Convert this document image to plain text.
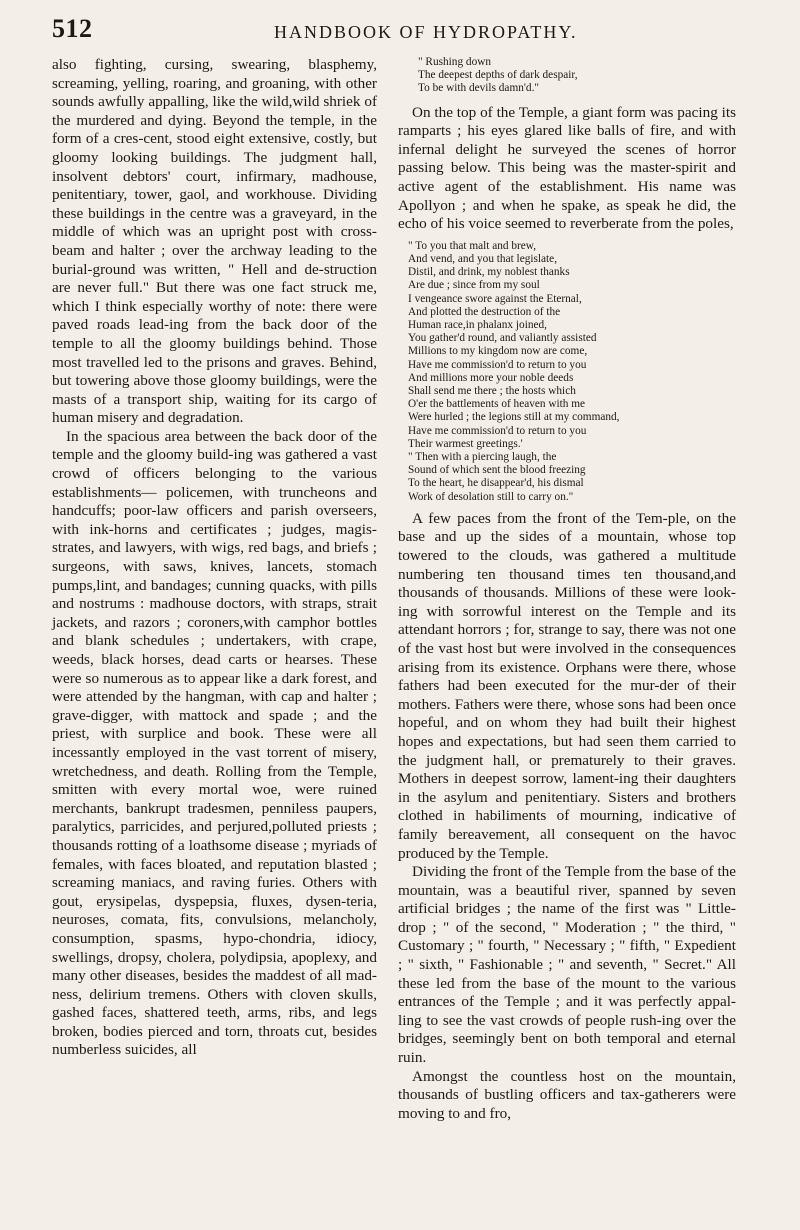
512	HANDBOOK OF HYDROPATHY.

also fighting, cursing, swearing, blasphemy, screaming, yelling, roaring, and groaning, with other sounds awfully appalling, like the wild,wild shriek of the murdered and dying. Beyond the temple, in the form of a cres-cent, stood eight extensive, costly, but gloomy looking buildings. The judgment hall, insolvent debtors' court, infirmary, madhouse, penitentiary, tower, gaol, and workhouse. Dividing these buildings in the centre was a graveyard, in the middle of which was an upright post with cross-beam and halter ; over the archway leading to the burial-ground was written, " Hell and de-struction are never full." But there was one fact struck me, which I think especially worthy of note: there were paved roads lead-ing from the back door of the temple to all the gloomy buildings behind. Those most travelled led to the prisons and graves. Behind, but towering above those gloomy buildings, were the masts of a transport ship, waiting for its cargo of human misery and degradation.

In the spacious area between the back door of the temple and the gloomy build-ing was gathered a vast crowd of officers belonging to the various establishments— policemen, with truncheons and handcuffs; poor-law officers and parish overseers, with ink-horns and certificates ; judges, magis-strates, and lawyers, with wigs, red bags, and briefs ; surgeons, with saws, knives, lancets, stomach pumps,lint, and bandages; cunning quacks, with pills and nostrums : madhouse doctors, with straps, strait jackets, and razors ; coroners,with camphor bottles and blank schedules ; undertakers, with crape, weeds, black horses, dead carts or hearses. These were so numerous as to appear like a dark forest, and were attended by the hangman, with cap and halter ; grave-digger, with mattock and spade ; and the priest, with surplice and book. These were all incessantly employed in the vast torrent of misery, wretchedness, and death. Rolling from the Temple, smitten with every mortal woe, were ruined merchants, bankrupt tradesmen, penniless paupers, paralytics, parricides, and perjured,polluted priests ; thousands rotting of a loathsome disease ; myriads of females, with faces bloated, and reputation blasted ; screaming maniacs, and raving furies. Others with gout, erysipelas, dyspepsia, fluxes, dysen-teria, neuroses, comata, fits, convulsions, melancholy, consumption, spasms, hypo-chondria, idiocy, swellings, dropsy, cholera, polydipsia, apoplexy, and many other diseases, besides the maddest of all mad-ness, delirium tremens. Others with cloven skulls, gashed faces, shattered teeth, arms, ribs, and legs broken, bodies pierced and torn, throats cut, besides numberless suicides, all

" Rushing down
The deepest depths of dark despair,
To be with devils damn'd."

On the top of the Temple, a giant form was pacing its ramparts ; his eyes glared like balls of fire, and with infernal delight he surveyed the scenes of horror passing below. This being was the master-spirit and active agent of the establishment. His name was Apollyon ; and when he spake, as speak he did, the echo of his voice seemed to reverberate from the poles,

" To you that malt and brew,
And vend, and you that legislate,
Distil, and drink, my noblest thanks
Are due ; since from my soul
I vengeance swore against the Eternal,
And plotted the destruction of the
Human race,in phalanx joined,
You gather'd round, and valiantly assisted
Millions to my kingdom now are come,
Have me commission'd to return to you
And millions more your noble deeds
Shall send me there ; the hosts which
O'er the battlements of heaven with me
Were hurled ; the legions still at my command,
Have me commission'd to return to you
Their warmest greetings.'
" Then with a piercing laugh, the
Sound of which sent the blood freezing
To the heart, he disappear'd, his dismal
Work of desolation still to carry on."

A few paces from the front of the Tem-ple, on the base and up the sides of a mountain, whose top towered to the clouds, was gathered a multitude numbering ten thousand times ten thousand,and thousands of thousands. Millions of these were look-ing with sorrowful interest on the Temple and its attendant horrors ; for, strange to say, there was not one of the vast host but were involved in the consequences arising from its existence. Orphans were there, whose fathers had been executed for the mur-der of their mothers. Fathers were there, whose sons had been once hopeful, and on whom they had built their highest hopes and expectations, but had seen them carried to the judgment hall, or prematurely to their graves. Mothers in deepest sorrow, lament-ing their daughters in the asylum and penitentiary. Sisters and brothers clothed in habiliments of mourning, indicative of family bereavement, all consequent on the havoc produced by the Temple.

Dividing the front of the Temple from the base of the mountain, was a beautiful river, spanned by seven artificial bridges ; the name of the first was " Little-drop ; " of the second, " Moderation ; " the third, " Customary ; " fourth, " Necessary ; " fifth, " Expedient ; " sixth, " Fashionable ; " and seventh, " Secret." All these led from the base of the mount to the various entrances of the Temple ; and it was perfectly appal-ling to see the vast crowds of people rush-ing over the bridges, seemingly bent on both temporal and eternal ruin.

Amongst the countless host on the mountain, thousands of bustling officers and tax-gatherers were moving to and fro,
